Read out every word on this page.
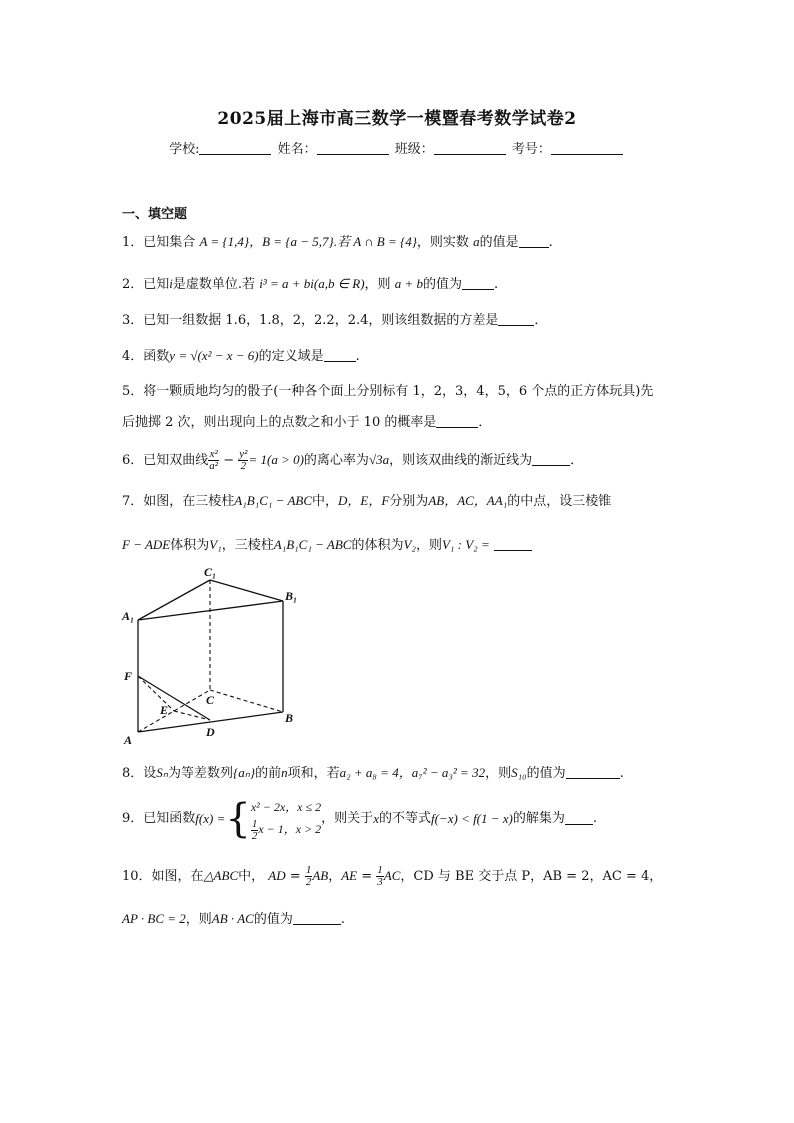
2025届上海市高三数学一模暨春考数学试卷2
学校:	姓名：	班级：	考号：
一、填空题
1．已知集合 A = {1,4}，B = {a − 5,7}.若 A ∩ B = {4}，则实数 a的值是 .
2．已知i是虚数单位.若 i³ = a + bi(a,b ∈ R)，则 a + b的值为 .
3．已知一组数据 1.6，1.8，2，2.2，2.4，则该组数据的方差是	．
4．函数y = √(x² − x − 6)的定义域是 .
5．将一颗质地均匀的骰子(一种各个面上分别标有 1，2，3，4，5，6 个点的正方体玩具)先
后抛掷 2 次，则出现向上的点数之和小于 10 的概率是	．
6．已知双曲线 $\frac{\text{x²}}{\text{a²}} - \frac{\text{y²}}{2} = 1(a > 0)$的离心率为√3a，则该双曲线的渐近线为	．
7．如图，在三棱柱A₁B₁C₁ − ABC中，D，E，F分别为AB，AC，AA₁的中点，设三棱锥
F − ADE体积为V₁，三棱柱A₁B₁C₁ − ABC的体积为V₂，则V₁ : V₂ =
C₁
B₁
A₁
F
C
E
B
A
D
8．设Sₙ为等差数列{aₙ}的前n项和，若a₂ + a₈ = 4，a₇² − a₃² = 32，则S₁₀的值为	.
9．已知函数f(x) ={ x² − 2x，x ≤ 2
$\frac{1}{2}$ x − 1，x > 2
，则关于x的不等式f(−x) < f(1 − x)的解集为 .
10．如图，在△ABC中， AD = $\frac{1}{2}$ AB，AE = $\frac{1}{3}$ AC，CD 与 BE 交于点 P，AB = 2，AC = 4，
AP · BC = 2，则AB · AC的值为	.
